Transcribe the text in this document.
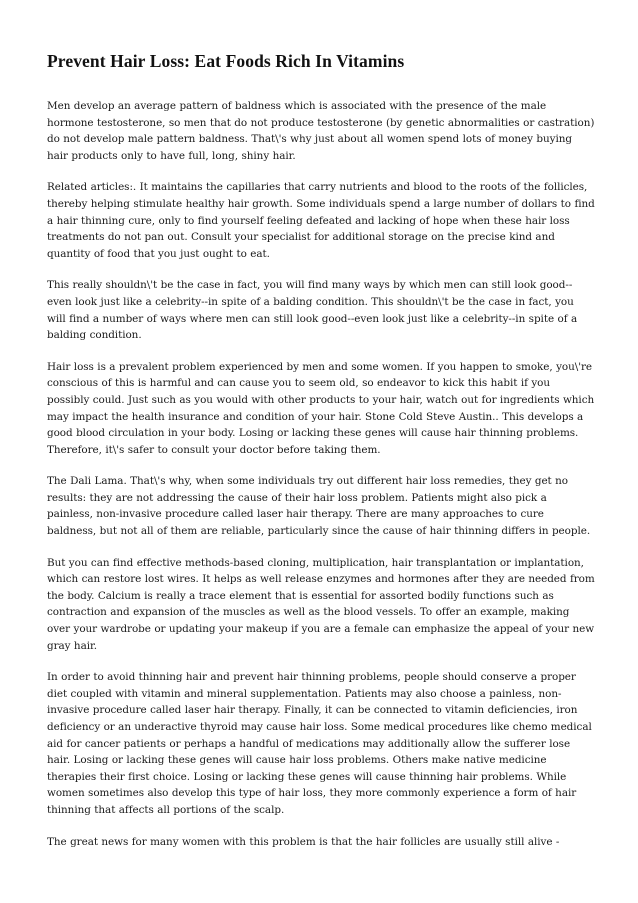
Prevent Hair Loss: Eat Foods Rich In Vitamins

Men develop an average pattern of baldness which is associated with the presence of the male hormone testosterone, so men that do not produce testosterone (by genetic abnormalities or castration) do not develop male pattern baldness. That\'s why just about all women spend lots of money buying hair products only to have full, long, shiny hair.

Related articles:. It maintains the capillaries that carry nutrients and blood to the roots of the follicles, thereby helping stimulate healthy hair growth. Some individuals spend a large number of dollars to find a hair thinning cure, only to find yourself feeling defeated and lacking of hope when these hair loss treatments do not pan out. Consult your specialist for additional storage on the precise kind and quantity of food that you just ought to eat.

This really shouldn\'t be the case in fact, you will find many ways by which men can still look good--even look just like a celebrity--in spite of a balding condition. This shouldn\'t be the case in fact, you will find a number of ways where men can still look good--even look just like a celebrity--in spite of a balding condition.

Hair loss is a prevalent problem experienced by men and some women. If you happen to smoke, you\'re conscious of this is harmful and can cause you to seem old, so endeavor to kick this habit if you possibly could. Just such as you would with other products to your hair, watch out for ingredients which may impact the health insurance and condition of your hair. Stone Cold Steve Austin.. This develops a good blood circulation in your body. Losing or lacking these genes will cause hair thinning problems. Therefore, it\'s safer to consult your doctor before taking them.

The Dali Lama. That\'s why, when some individuals try out different hair loss remedies, they get no results: they are not addressing the cause of their hair loss problem. Patients might also pick a painless, non-invasive procedure called laser hair therapy. There are many approaches to cure baldness, but not all of them are reliable, particularly since the cause of hair thinning differs in people.

But you can find effective methods-based cloning, multiplication, hair transplantation or implantation, which can restore lost wires. It helps as well release enzymes and hormones after they are needed from the body. Calcium is really a trace element that is essential for assorted bodily functions such as contraction and expansion of the muscles as well as the blood vessels. To offer an example, making over your wardrobe or updating your makeup if you are a female can emphasize the appeal of your new gray hair.

In order to avoid thinning hair and prevent hair thinning problems, people should conserve a proper diet coupled with vitamin and mineral supplementation. Patients may also choose a painless, non-invasive procedure called laser hair therapy. Finally, it can be connected to vitamin deficiencies, iron deficiency or an underactive thyroid may cause hair loss. Some medical procedures like chemo medical aid for cancer patients or perhaps a handful of medications may additionally allow the sufferer lose hair. Losing or lacking these genes will cause hair loss problems. Others make native medicine therapies their first choice. Losing or lacking these genes will cause thinning hair problems. While women sometimes also develop this type of hair loss, they more commonly experience a form of hair thinning that affects all portions of the scalp.

The great news for many women with this problem is that the hair follicles are usually still alive -
